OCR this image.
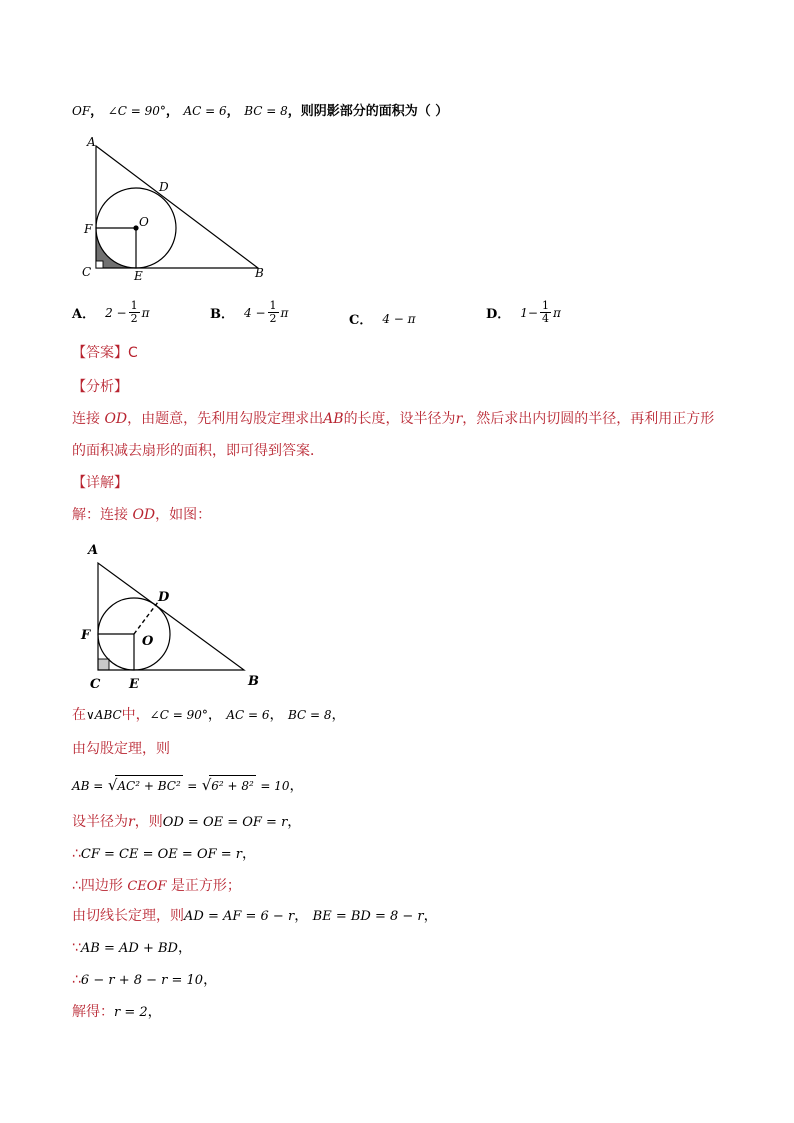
OF， ∠C = 90°， AC = 6， BC = 8，则阴影部分的面积为（ ）
A
D
O
F
C	E	B
A． $2 - \frac{1}{2}$ π	B． $4 - \frac{1}{2}$ π
C． 4 − π	D． $1- \frac{1}{4}$ π
【答案】C
【分析】
连接 OD，由题意，先利用勾股定理求出AB的长度，设半径为r，然后求出内切圆的半径，再利用正方形
的面积减去扇形的面积，即可得到答案．
【详解】
解：连接 OD，如图：
A
D
O
F
C E	B
在∨ABC中，∠C = 90°， AC = 6， BC = 8，
由勾股定理，则
AB = √AC² + BC² = √6² + 8² = 10，
设半径为r，则OD = OE = OF = r，
∴CF = CE = OE = OF = r，
∴四边形 CEOF 是正方形；
由切线长定理，则AD = AF = 6 − r， BE = BD = 8 − r，
∵AB = AD + BD，
∴6 − r + 8 − r = 10，
解得：r = 2，
